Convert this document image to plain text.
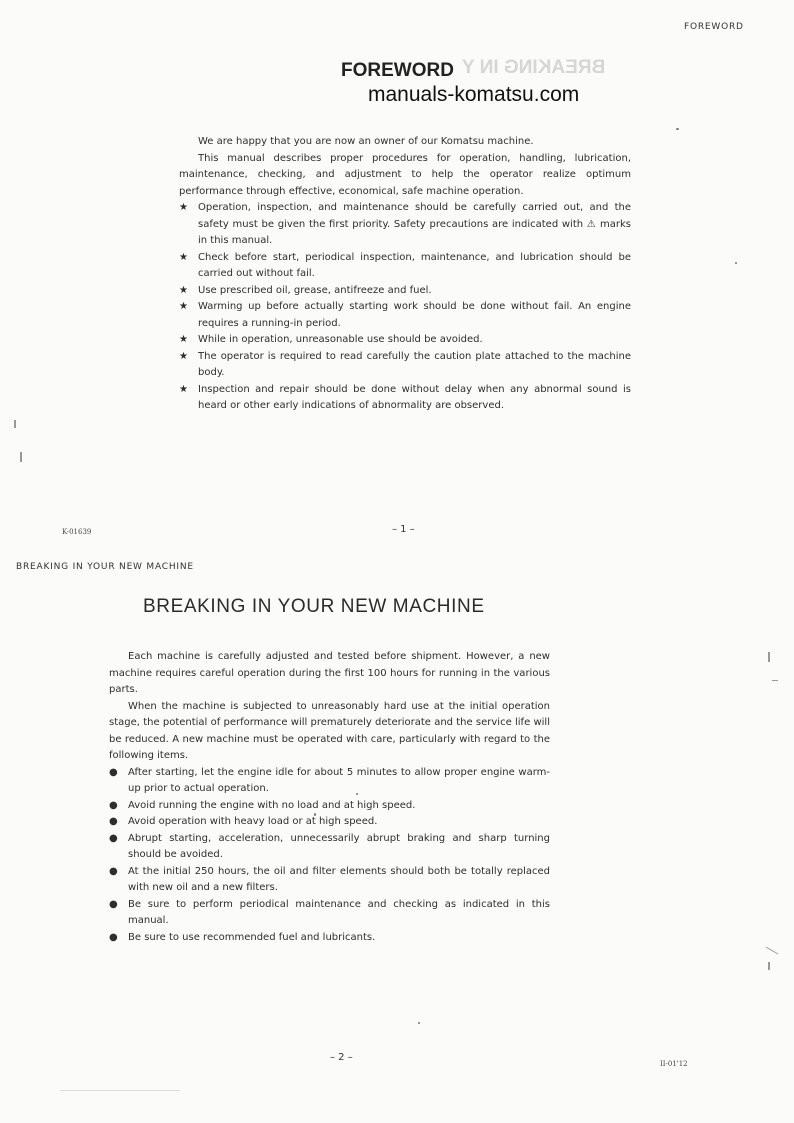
FOREWORD
BREAKING IN Y
FOREWORD
manuals-komatsu.com

We are happy that you are now an owner of our Komatsu machine.

This manual describes proper procedures for operation, handling, lubrication, maintenance, checking, and adjustment to help the operator realize optimum performance through effective, economical, safe machine operation.

★ Operation, inspection, and maintenance should be carefully carried out, and the safety must be given the first priority. Safety precautions are indicated with ⚠ marks in this manual.
★ Check before start, periodical inspection, maintenance, and lubrication should be carried out without fail.
★ Use prescribed oil, grease, antifreeze and fuel.
★ Warming up before actually starting work should be done without fail. An engine requires a running-in period.
★ While in operation, unreasonable use should be avoided.
★ The operator is required to read carefully the caution plate attached to the machine body.
★ Inspection and repair should be done without delay when any abnormal sound is heard or other early indications of abnormality are observed.
K-01639	– 1 –
BREAKING IN YOUR NEW MACHINE
BREAKING IN YOUR NEW MACHINE

Each machine is carefully adjusted and tested before shipment. However, a new machine requires careful operation during the first 100 hours for running in the various parts.

When the machine is subjected to unreasonably hard use at the initial operation stage, the potential of performance will prematurely deteriorate and the service life will be reduced. A new machine must be operated with care, particularly with regard to the following items.

● After starting, let the engine idle for about 5 minutes to allow proper engine warm-up prior to actual operation.
● Avoid running the engine with no load and at high speed.
● Avoid operation with heavy load or at high speed.
● Abrupt starting, acceleration, unnecessarily abrupt braking and sharp turning should be avoided.
● At the initial 250 hours, the oil and filter elements should both be totally replaced with new oil and a new filters.
● Be sure to perform periodical maintenance and checking as indicated in this manual.
● Be sure to use recommended fuel and lubricants.
– 2 –
II-01'12
